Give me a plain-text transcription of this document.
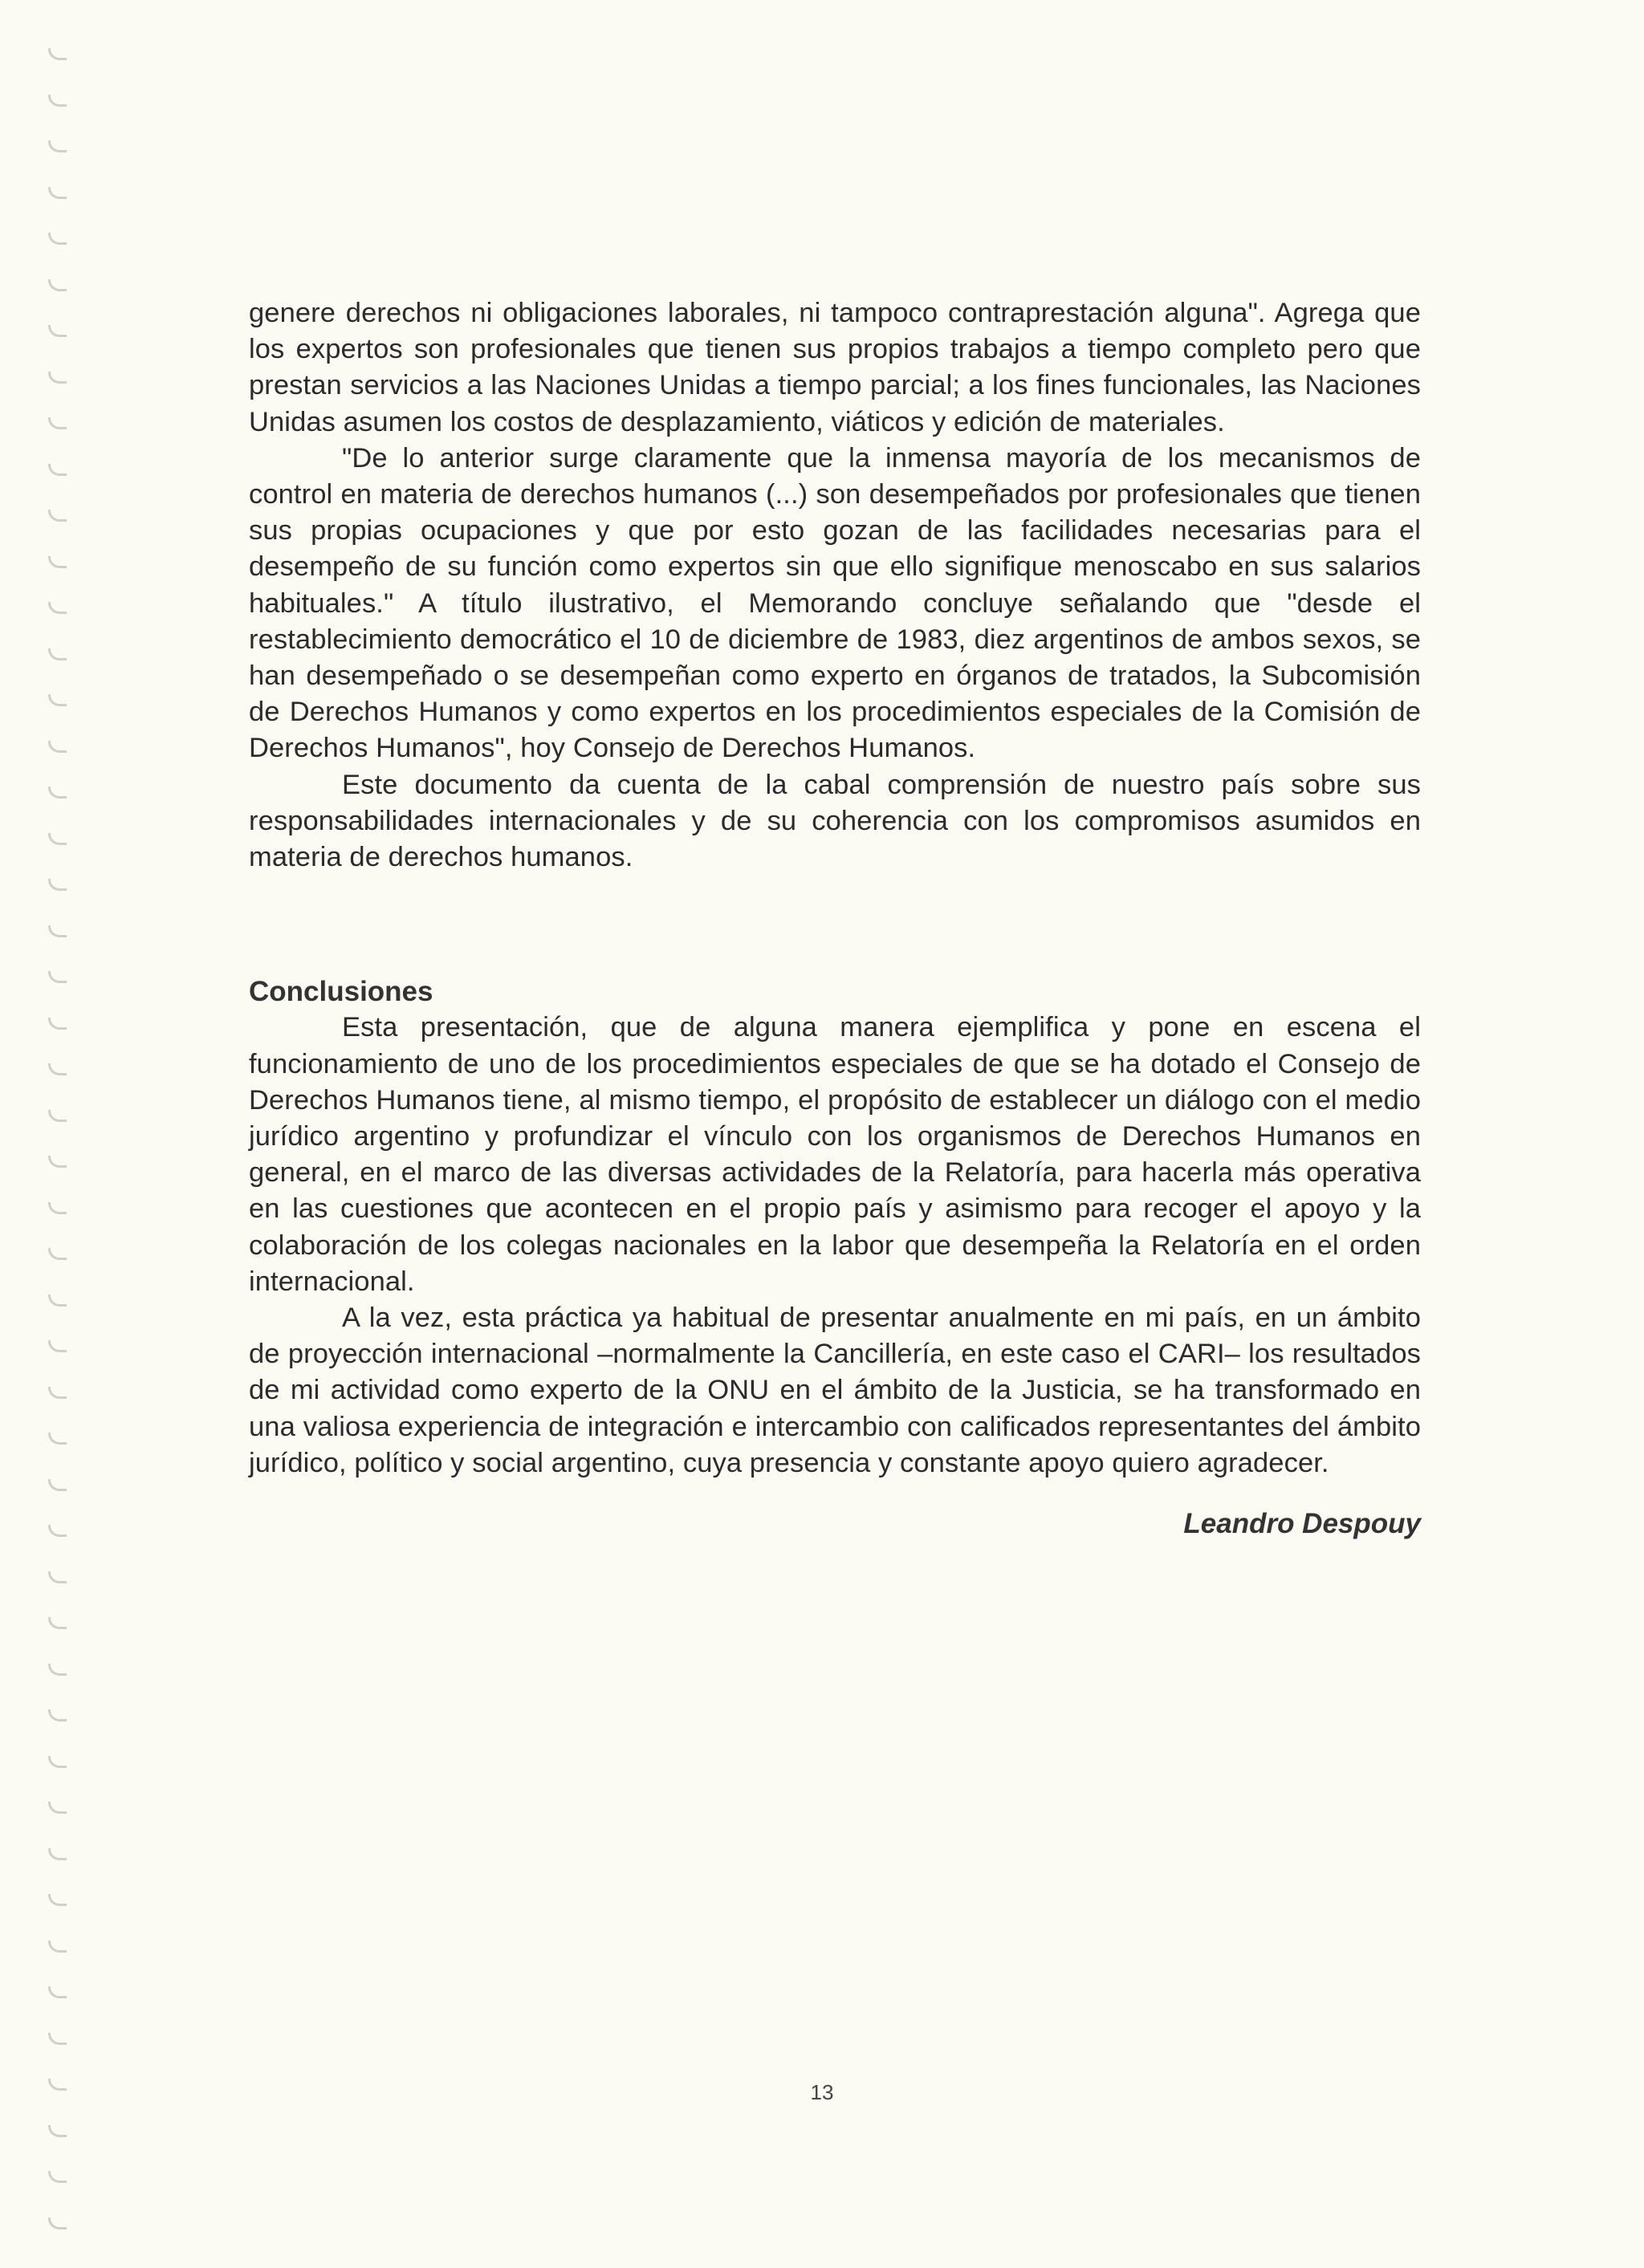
genere derechos ni obligaciones laborales, ni tampoco contraprestación alguna". Agrega que los expertos son profesionales que tienen sus propios trabajos a tiempo completo pero que prestan servicios a las Naciones Unidas a tiempo parcial; a los fines funcionales, las Naciones Unidas asumen los costos de desplazamiento, viáticos y edición de materiales.

"De lo anterior surge claramente que la inmensa mayoría de los mecanismos de control en materia de derechos humanos (...) son desempeñados por profesionales que tienen sus propias ocupaciones y que por esto gozan de las facilidades necesarias para el desempeño de su función como expertos sin que ello signifique menoscabo en sus salarios habituales." A título ilustrativo, el Memorando concluye señalando que "desde el restablecimiento democrático el 10 de diciembre de 1983, diez argentinos de ambos sexos, se han desempeñado o se desempeñan como experto en órganos de tratados, la Subcomisión de Derechos Humanos y como expertos en los procedimientos especiales de la Comisión de Derechos Humanos", hoy Consejo de Derechos Humanos.

Este documento da cuenta de la cabal comprensión de nuestro país sobre sus responsabilidades internacionales y de su coherencia con los compromisos asumidos en materia de derechos humanos.

Conclusiones

Esta presentación, que de alguna manera ejemplifica y pone en escena el funcionamiento de uno de los procedimientos especiales de que se ha dotado el Consejo de Derechos Humanos tiene, al mismo tiempo, el propósito de establecer un diálogo con el medio jurídico argentino y profundizar el vínculo con los organismos de Derechos Humanos en general, en el marco de las diversas actividades de la Relatoría, para hacerla más operativa en las cuestiones que acontecen en el propio país y asimismo para recoger el apoyo y la colaboración de los colegas nacionales en la labor que desempeña la Relatoría en el orden internacional.

A la vez, esta práctica ya habitual de presentar anualmente en mi país, en un ámbito de proyección internacional –normalmente la Cancillería, en este caso el CARI– los resultados de mi actividad como experto de la ONU en el ámbito de la Justicia, se ha transformado en una valiosa experiencia de integración e intercambio con calificados representantes del ámbito jurídico, político y social argentino, cuya presencia y constante apoyo quiero agradecer.

Leandro Despouy

13
